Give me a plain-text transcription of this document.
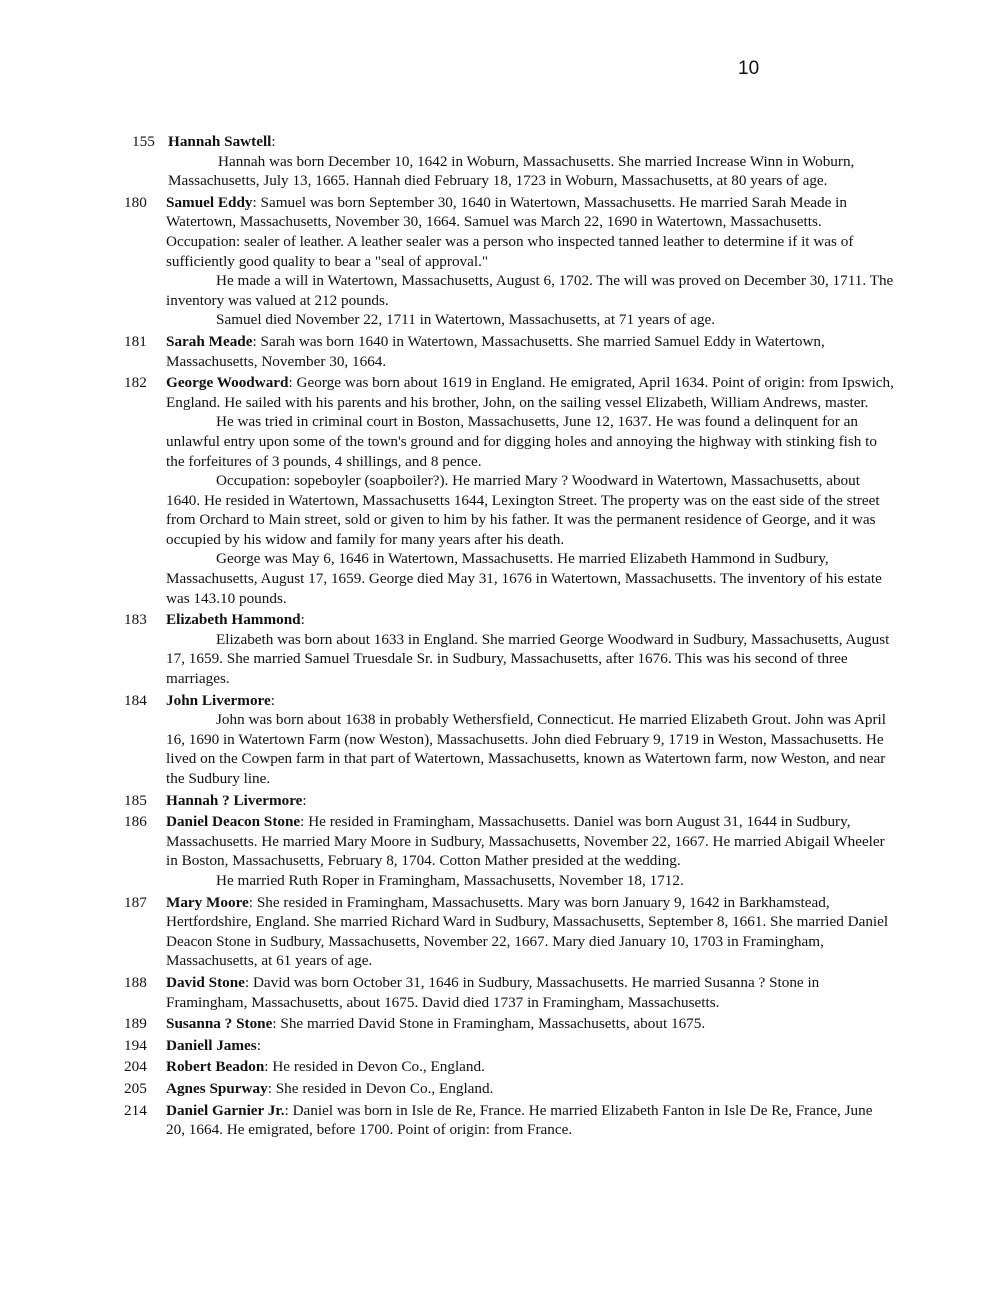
10
155 Hannah Sawtell:

Hannah was born December 10, 1642 in Woburn, Massachusetts. She married Increase Winn in Woburn, Massachusetts, July 13, 1665. Hannah died February 18, 1723 in Woburn, Massachusetts, at 80 years of age.

180 Samuel Eddy: Samuel was born September 30, 1640 in Watertown, Massachusetts. He married Sarah Meade in Watertown, Massachusetts, November 30, 1664. Samuel was March 22, 1690 in Watertown, Massachusetts. Occupation: sealer of leather. A leather sealer was a person who inspected tanned leather to determine if it was of sufficiently good quality to bear a "seal of approval."

He made a will in Watertown, Massachusetts, August 6, 1702. The will was proved on December 30, 1711. The inventory was valued at 212 pounds.

Samuel died November 22, 1711 in Watertown, Massachusetts, at 71 years of age.

181 Sarah Meade: Sarah was born 1640 in Watertown, Massachusetts. She married Samuel Eddy in Watertown, Massachusetts, November 30, 1664.

182 George Woodward: George was born about 1619 in England. He emigrated, April 1634. Point of origin: from Ipswich, England. He sailed with his parents and his brother, John, on the sailing vessel Elizabeth, William Andrews, master.

He was tried in criminal court in Boston, Massachusetts, June 12, 1637. He was found a delinquent for an unlawful entry upon some of the town's ground and for digging holes and annoying the highway with stinking fish to the forfeitures of 3 pounds, 4 shillings, and 8 pence.

Occupation: sopeboyler (soapboiler?). He married Mary ? Woodward in Watertown, Massachusetts, about 1640. He resided in Watertown, Massachusetts 1644, Lexington Street. The property was on the east side of the street from Orchard to Main street, sold or given to him by his father. It was the permanent residence of George, and it was occupied by his widow and family for many years after his death.

George was May 6, 1646 in Watertown, Massachusetts. He married Elizabeth Hammond in Sudbury, Massachusetts, August 17, 1659. George died May 31, 1676 in Watertown, Massachusetts. The inventory of his estate was 143.10 pounds.

183 Elizabeth Hammond:

Elizabeth was born about 1633 in England. She married George Woodward in Sudbury, Massachusetts, August 17, 1659. She married Samuel Truesdale Sr. in Sudbury, Massachusetts, after 1676. This was his second of three marriages.

184 John Livermore:

John was born about 1638 in probably Wethersfield, Connecticut. He married Elizabeth Grout. John was April 16, 1690 in Watertown Farm (now Weston), Massachusetts. John died February 9, 1719 in Weston, Massachusetts. He lived on the Cowpen farm in that part of Watertown, Massachusetts, known as Watertown farm, now Weston, and near the Sudbury line.

185 Hannah ? Livermore:

186 Daniel Deacon Stone: He resided in Framingham, Massachusetts. Daniel was born August 31, 1644 in Sudbury, Massachusetts. He married Mary Moore in Sudbury, Massachusetts, November 22, 1667. He married Abigail Wheeler in Boston, Massachusetts, February 8, 1704. Cotton Mather presided at the wedding.

He married Ruth Roper in Framingham, Massachusetts, November 18, 1712.

187 Mary Moore: She resided in Framingham, Massachusetts. Mary was born January 9, 1642 in Barkhamstead, Hertfordshire, England. She married Richard Ward in Sudbury, Massachusetts, September 8, 1661. She married Daniel Deacon Stone in Sudbury, Massachusetts, November 22, 1667. Mary died January 10, 1703 in Framingham, Massachusetts, at 61 years of age.

188 David Stone: David was born October 31, 1646 in Sudbury, Massachusetts. He married Susanna ? Stone in Framingham, Massachusetts, about 1675. David died 1737 in Framingham, Massachusetts.

189 Susanna ? Stone: She married David Stone in Framingham, Massachusetts, about 1675.

194 Daniell James:

204 Robert Beadon: He resided in Devon Co., England.

205 Agnes Spurway: She resided in Devon Co., England.

214 Daniel Garnier Jr.: Daniel was born in Isle de Re, France. He married Elizabeth Fanton in Isle De Re, France, June 20, 1664. He emigrated, before 1700. Point of origin: from France.
